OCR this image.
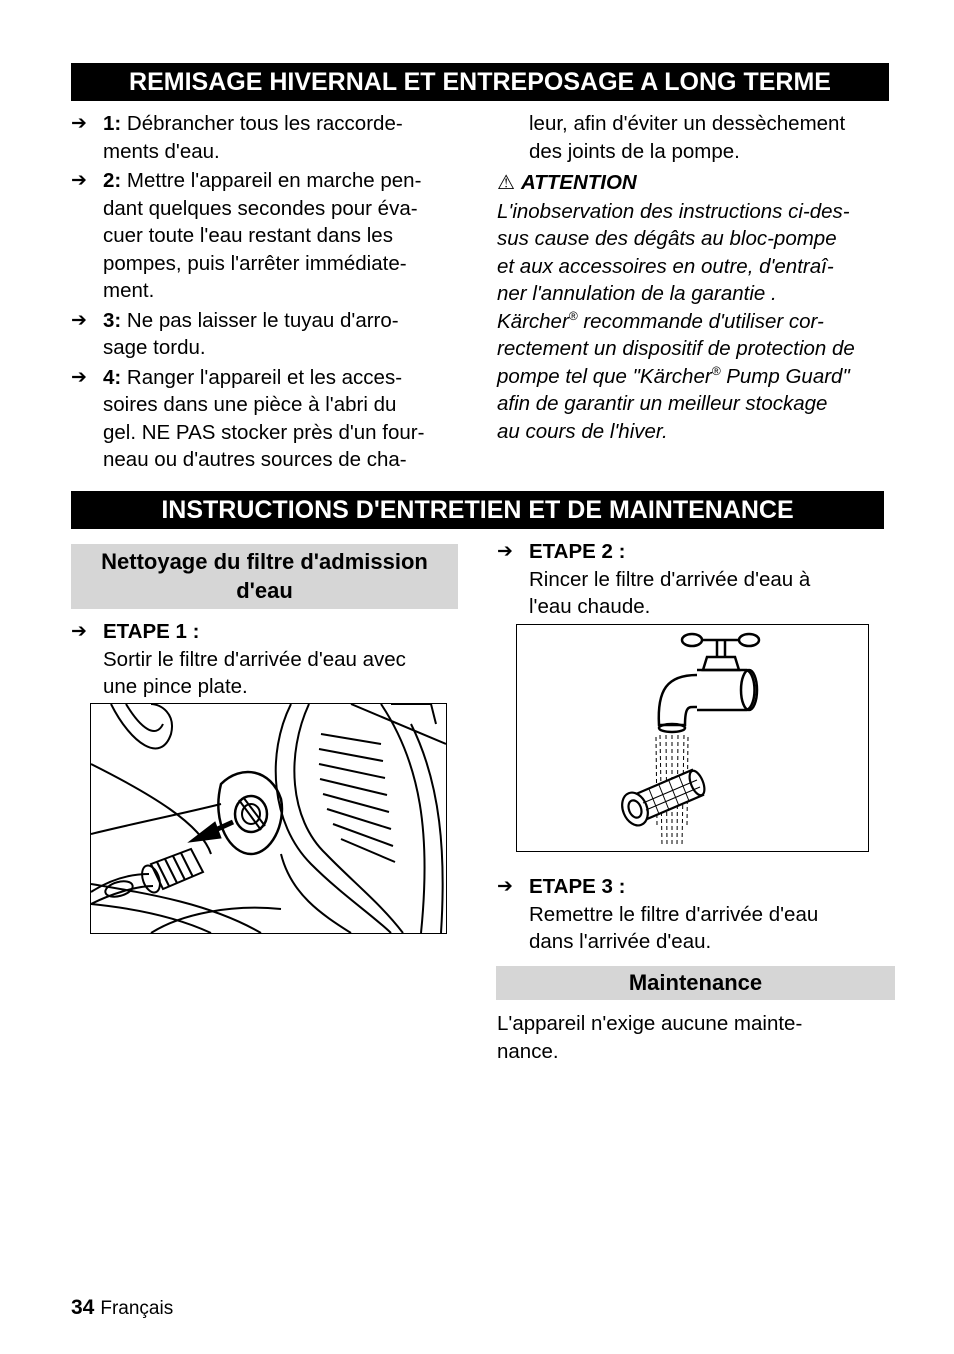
REMISAGE HIVERNAL ET ENTREPOSAGE A LONG TERME
➔ 1: Débrancher tous les raccorde-
ments d'eau.
➔ 2: Mettre l'appareil en marche pen-
dant quelques secondes pour éva-
cuer toute l'eau restant dans les
pompes, puis l'arrêter immédiate-
ment.
➔ 3: Ne pas laisser le tuyau d'arro-
sage tordu.
➔ 4: Ranger l'appareil et les acces-
soires dans une pièce à l'abri du
gel. NE PAS stocker près d'un four-
neau ou d'autres sources de cha-
leur, afin d'éviter un dessèchement
des joints de la pompe.
⚠ ATTENTION
L'inobservation des instructions ci-des-
sus cause des dégâts au bloc-pompe
et aux accessoires en outre, d'entraî-
ner l'annulation de la garantie .
Kärcher® recommande d'utiliser cor-
rectement un dispositif de protection de
pompe tel que "Kärcher® Pump Guard"
afin de garantir un meilleur stockage
au cours de l'hiver.
INSTRUCTIONS D'ENTRETIEN ET DE MAINTENANCE
Nettoyage du filtre d'admission
d'eau
➔ ETAPE 1 :
Sortir le filtre d'arrivée d'eau avec
une pince plate.
➔ ETAPE 2 :
Rincer le filtre d'arrivée d'eau à
l'eau chaude.
➔ ETAPE 3 :
Remettre le filtre d'arrivée d'eau
dans l'arrivée d'eau.
Maintenance
L'appareil n'exige aucune mainte-
nance.
34 Français
